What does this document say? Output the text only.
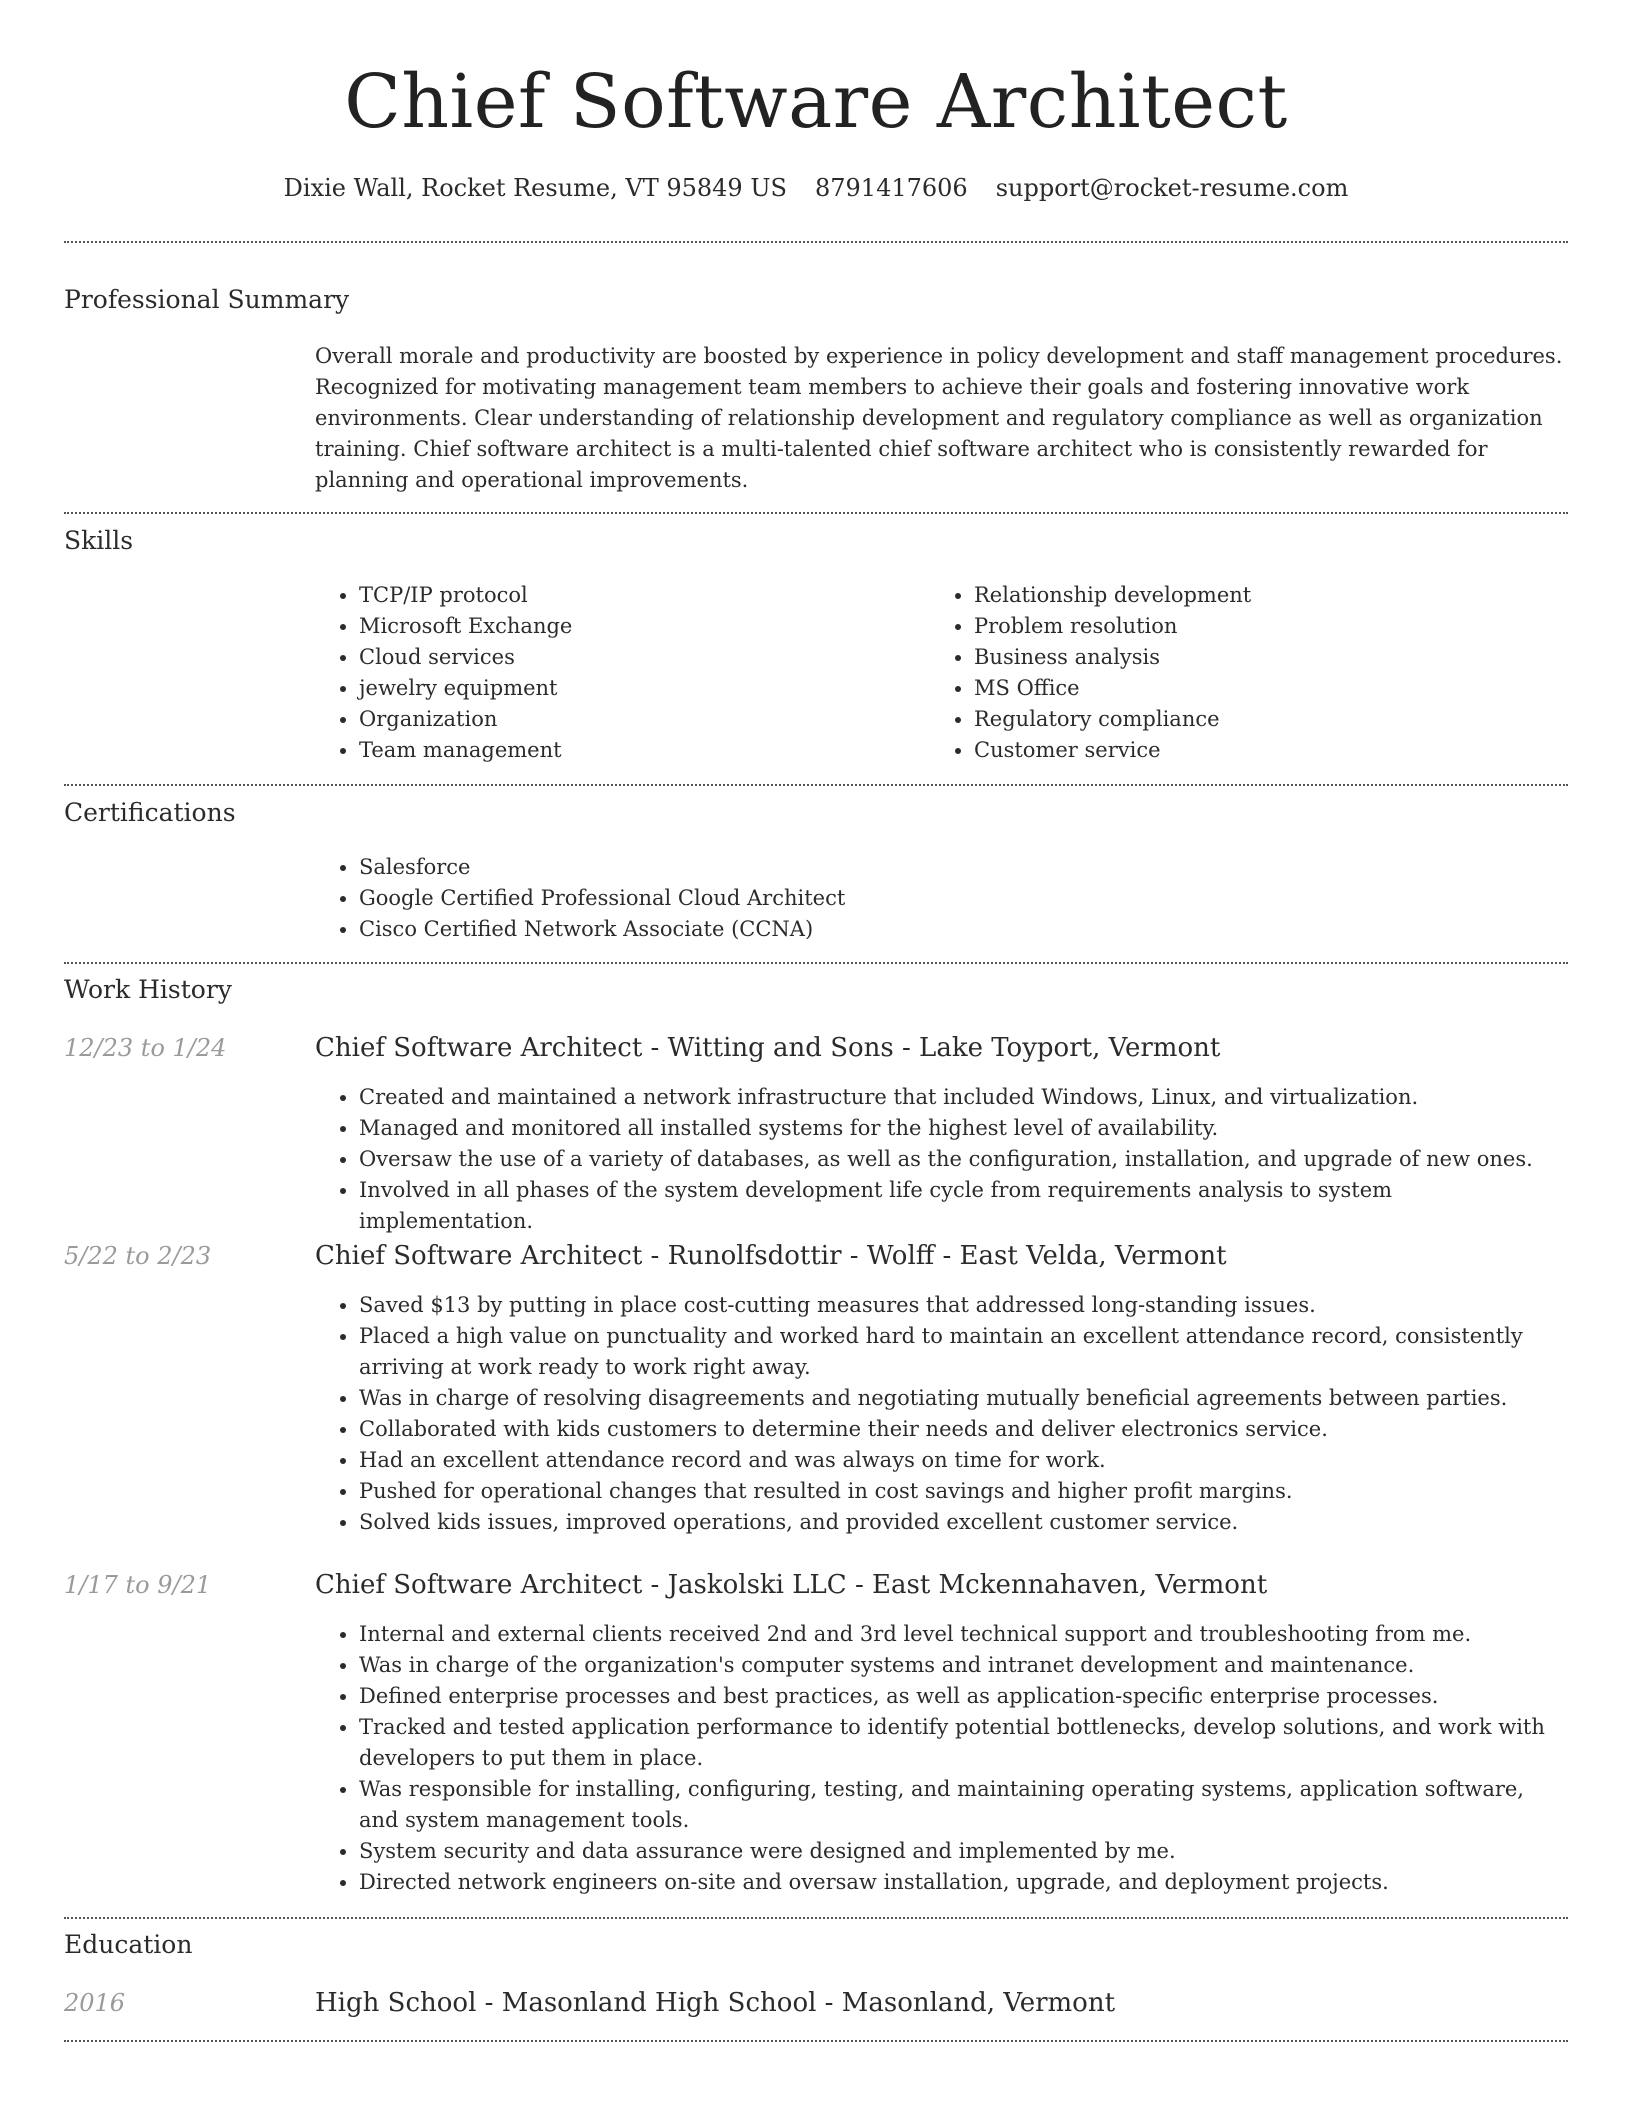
Chief Software Architect
Dixie Wall, Rocket Resume, VT 95849 US 8791417606 support@rocket-resume.com
Professional Summary

Overall morale and productivity are boosted by experience in policy development and staff management procedures. Recognized for motivating management team members to achieve their goals and fostering innovative work environments. Clear understanding of relationship development and regulatory compliance as well as organization training. Chief software architect is a multi-talented chief software architect who is consistently rewarded for planning and operational improvements.

Skills
• TCP/IP protocol
• Microsoft Exchange
• Cloud services
• jewelry equipment
• Organization
• Team management
• Relationship development
• Problem resolution
• Business analysis
• MS Office
• Regulatory compliance
• Customer service
Certifications
• Salesforce
• Google Certified Professional Cloud Architect
• Cisco Certified Network Associate (CCNA)
Work History
12/23 to 1/24	Chief Software Architect - Witting and Sons - Lake Toyport, Vermont
• Created and maintained a network infrastructure that included Windows, Linux, and virtualization.
• Managed and monitored all installed systems for the highest level of availability.
• Oversaw the use of a variety of databases, as well as the configuration, installation, and upgrade of new ones.
• Involved in all phases of the system development life cycle from requirements analysis to system implementation.
5/22 to 2/23	Chief Software Architect - Runolfsdottir - Wolff - East Velda, Vermont
• Saved $13 by putting in place cost-cutting measures that addressed long-standing issues.
• Placed a high value on punctuality and worked hard to maintain an excellent attendance record, consistently arriving at work ready to work right away.
• Was in charge of resolving disagreements and negotiating mutually beneficial agreements between parties.
• Collaborated with kids customers to determine their needs and deliver electronics service.
• Had an excellent attendance record and was always on time for work.
• Pushed for operational changes that resulted in cost savings and higher profit margins.
• Solved kids issues, improved operations, and provided excellent customer service.
1/17 to 9/21	Chief Software Architect - Jaskolski LLC - East Mckennahaven, Vermont
• Internal and external clients received 2nd and 3rd level technical support and troubleshooting from me.
• Was in charge of the organization's computer systems and intranet development and maintenance.
• Defined enterprise processes and best practices, as well as application-specific enterprise processes.
• Tracked and tested application performance to identify potential bottlenecks, develop solutions, and work with developers to put them in place.
• Was responsible for installing, configuring, testing, and maintaining operating systems, application software, and system management tools.
• System security and data assurance were designed and implemented by me.
• Directed network engineers on-site and oversaw installation, upgrade, and deployment projects.
Education
2016	High School - Masonland High School - Masonland, Vermont
